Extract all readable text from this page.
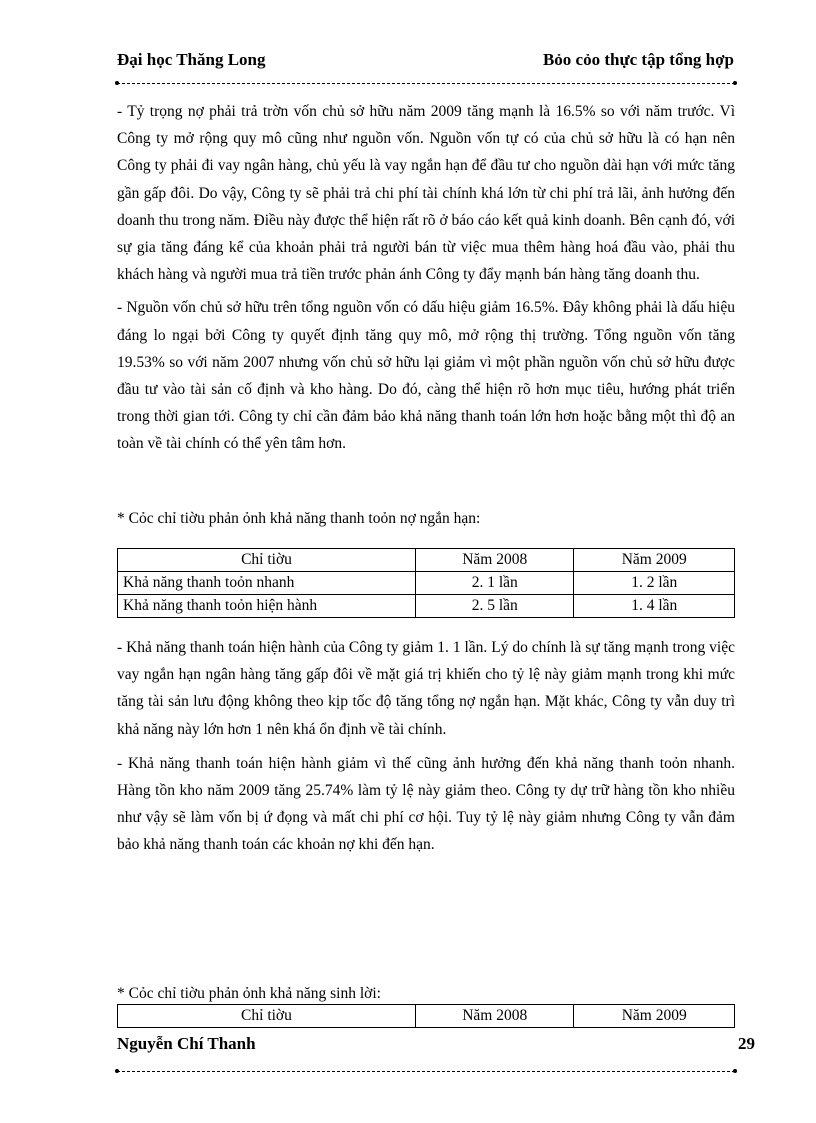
Đại học Thăng Long	Bỏo cỏo thực tập tổng hợp

- Tỷ trọng nợ phải trả trờn vốn chủ sở hữu năm 2009 tăng mạnh là 16.5% so với năm trước. Vì Công ty mở rộng quy mô cũng như nguồn vốn. Nguồn vốn tự có của chủ sở hữu là có hạn nên Công ty phải đi vay ngân hàng, chủ yếu là vay ngắn hạn để đầu tư cho nguồn dài hạn với mức tăng gần gấp đôi. Do vậy, Công ty sẽ phải trả chi phí tài chính khá lớn từ chi phí trả lãi, ảnh hưởng đến doanh thu trong năm. Điều này được thể hiện rất rõ ở báo cáo kết quả kinh doanh. Bên cạnh đó, với sự gia tăng đáng kể của khoản phải trả người bán từ việc mua thêm hàng hoá đầu vào, phải thu khách hàng và người mua trả tiền trước phản ánh Công ty đẩy mạnh bán hàng tăng doanh thu.

- Nguồn vốn chủ sở hữu trên tổng nguồn vốn có dấu hiệu giảm 16.5%. Đây không phải là dấu hiệu đáng lo ngại bởi Công ty quyết định tăng quy mô, mở rộng thị trường. Tổng nguồn vốn tăng 19.53% so với năm 2007 nhưng vốn chủ sở hữu lại giảm vì một phần nguồn vốn chủ sở hữu được đầu tư vào tài sản cố định và kho hàng. Do đó, càng thể hiện rõ hơn mục tiêu, hướng phát triển trong thời gian tới. Công ty chỉ cần đảm bảo khả năng thanh toán lớn hơn hoặc bằng một thì độ an toàn về tài chính có thể yên tâm hơn.

* Cỏc chỉ tiờu phản ỏnh khả năng thanh toỏn nợ ngắn hạn:
Chỉ tiờu	Năm 2008	Năm 2009
Khả năng thanh toỏn nhanh	2. 1 lần	1. 2 lần
Khả năng thanh toỏn hiện hành	2. 5 lần	1. 4 lần

- Khả năng thanh toán hiện hành của Công ty giảm 1. 1 lần. Lý do chính là sự tăng mạnh trong việc vay ngắn hạn ngân hàng tăng gấp đôi về mặt giá trị khiến cho tỷ lệ này giảm mạnh trong khi mức tăng tài sản lưu động không theo kịp tốc độ tăng tổng nợ ngắn hạn. Mặt khác, Công ty vẫn duy trì khả năng này lớn hơn 1 nên khá ổn định về tài chính.

- Khả năng thanh toán hiện hành giảm vì thế cũng ảnh hưởng đến khả năng thanh toỏn nhanh. Hàng tồn kho năm 2009 tăng 25.74% làm tỷ lệ này giảm theo. Công ty dự trữ hàng tồn kho nhiều như vậy sẽ làm vốn bị ứ đọng và mất chi phí cơ hội. Tuy tỷ lệ này giảm nhưng Công ty vẫn đảm bảo khả năng thanh toán các khoản nợ khi đến hạn.

* Cỏc chỉ tiờu phản ỏnh khả năng sinh lời:
Chỉ tiờu	Năm 2008	Năm 2009
Nguyễn Chí Thanh	29
